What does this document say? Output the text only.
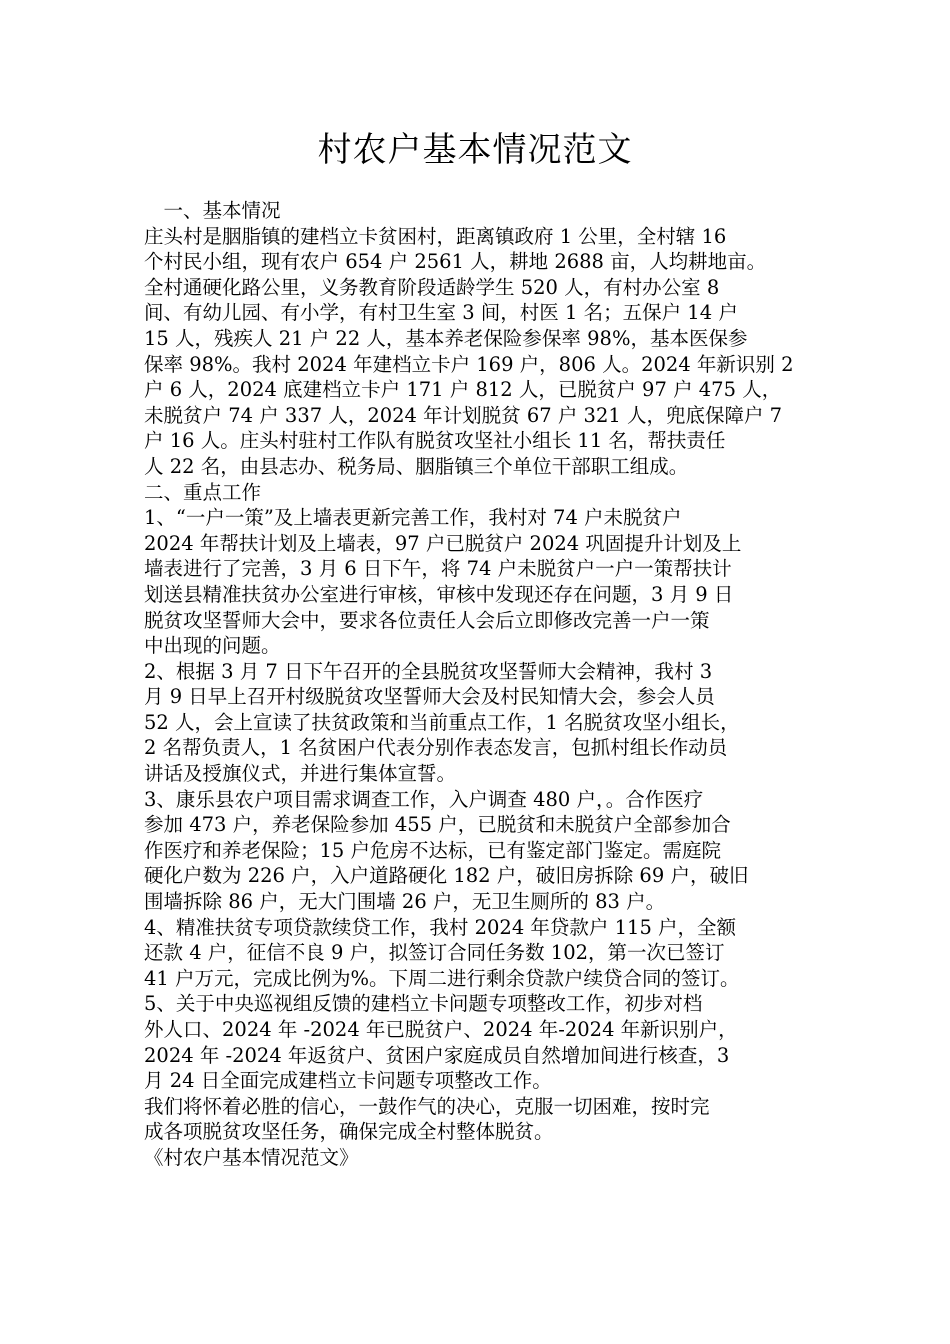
村农户基本情况范文
　一、基本情况
庄头村是胭脂镇的建档立卡贫困村，距离镇政府 1 公里，全村辖 16
个村民小组，现有农户 654 户 2561 人，耕地 2688 亩，人均耕地亩。
全村通硬化路公里，义务教育阶段适龄学生 520 人，有村办公室 8
间、有幼儿园、有小学，有村卫生室 3 间，村医 1 名；五保户 14 户
15 人，残疾人 21 户 22 人，基本养老保险参保率 98%，基本医保参
保率 98%。我村 2024 年建档立卡户 169 户，806 人。2024 年新识别 2
户 6 人，2024 底建档立卡户 171 户 812 人，已脱贫户 97 户 475 人，
未脱贫户 74 户 337 人，2024 年计划脱贫 67 户 321 人，兜底保障户 7
户 16 人。庄头村驻村工作队有脱贫攻坚社小组长 11 名，帮扶责任
人 22 名，由县志办、税务局、胭脂镇三个单位干部职工组成。
二、重点工作
1、“一户一策”及上墙表更新完善工作，我村对 74 户未脱贫户
2024 年帮扶计划及上墙表，97 户已脱贫户 2024 巩固提升计划及上
墙表进行了完善，3 月 6 日下午，将 74 户未脱贫户一户一策帮扶计
划送县精准扶贫办公室进行审核，审核中发现还存在问题，3 月 9 日
脱贫攻坚誓师大会中，要求各位责任人会后立即修改完善一户一策
中出现的问题。
2、根据 3 月 7 日下午召开的全县脱贫攻坚誓师大会精神，我村 3
月 9 日早上召开村级脱贫攻坚誓师大会及村民知情大会，参会人员
52 人，会上宣读了扶贫政策和当前重点工作，1 名脱贫攻坚小组长，
2 名帮负责人，1 名贫困户代表分别作表态发言，包抓村组长作动员
讲话及授旗仪式，并进行集体宣誓。
3、康乐县农户项目需求调查工作，入户调查 480 户，。合作医疗
参加 473 户，养老保险参加 455 户，已脱贫和未脱贫户全部参加合
作医疗和养老保险；15 户危房不达标，已有鉴定部门鉴定。需庭院
硬化户数为 226 户，入户道路硬化 182 户，破旧房拆除 69 户，破旧
围墙拆除 86 户，无大门围墙 26 户，无卫生厕所的 83 户。
4、精准扶贫专项贷款续贷工作，我村 2024 年贷款户 115 户，全额
还款 4 户，征信不良 9 户，拟签订合同任务数 102，第一次已签订
41 户万元，完成比例为%。下周二进行剩余贷款户续贷合同的签订。
5、关于中央巡视组反馈的建档立卡问题专项整改工作，初步对档
外人口、2024 年 -2024 年已脱贫户、2024 年-2024 年新识别户，
2024 年 -2024 年返贫户、贫困户家庭成员自然增加间进行核查，3
月 24 日全面完成建档立卡问题专项整改工作。
我们将怀着必胜的信心，一鼓作气的决心，克服一切困难，按时完
成各项脱贫攻坚任务，确保完成全村整体脱贫。
《村农户基本情况范文》
